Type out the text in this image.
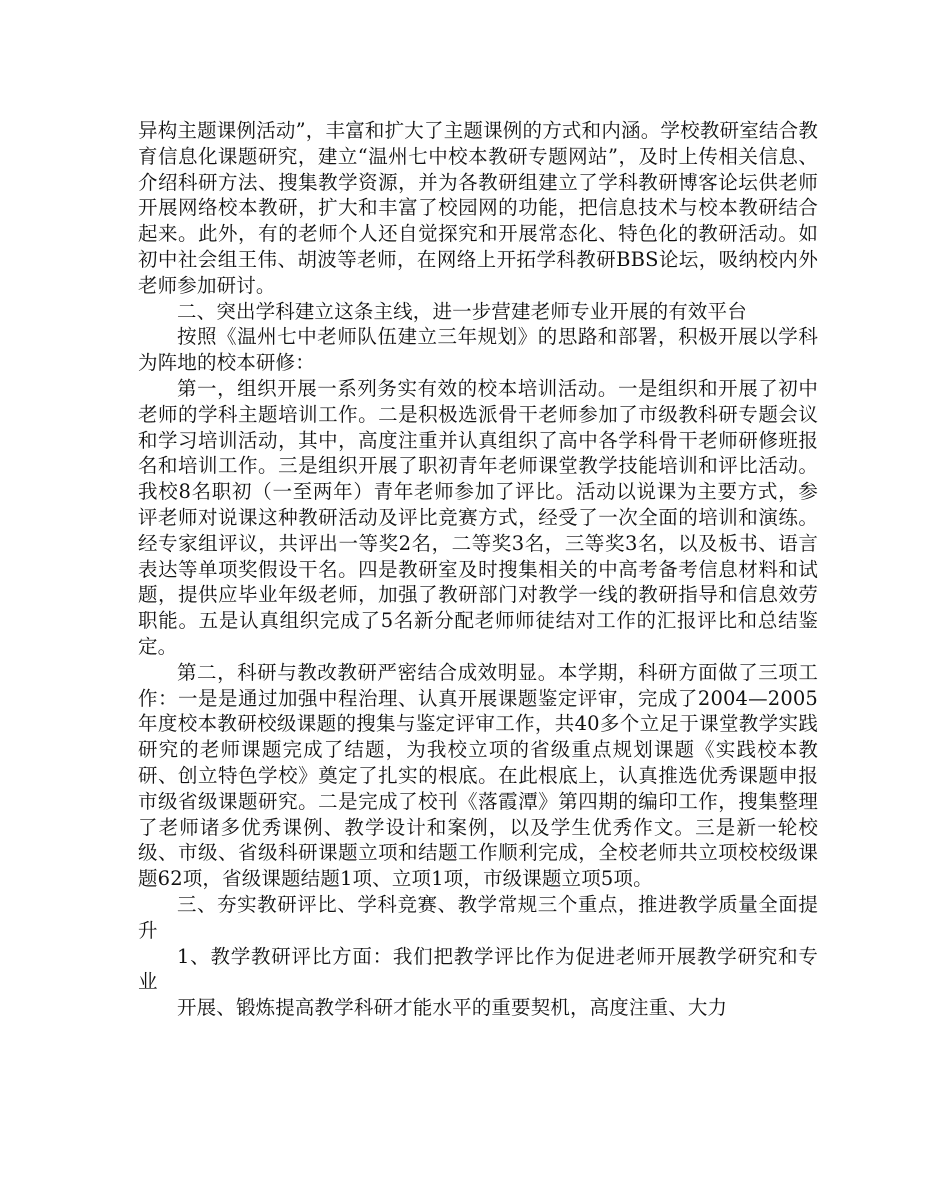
异构主题课例活动”，丰富和扩大了主题课例的方式和内涵。学校教研室结合教育信息化课题研究，建立“温州七中校本教研专题网站”，及时上传相关信息、介绍科研方法、搜集教学资源，并为各教研组建立了学科教研博客论坛供老师开展网络校本教研，扩大和丰富了校园网的功能，把信息技术与校本教研结合起来。此外，有的老师个人还自觉探究和开展常态化、特色化的教研活动。如初中社会组王伟、胡波等老师，在网络上开拓学科教研BBS论坛，吸纳校内外老师参加研讨。

二、突出学科建立这条主线，进一步营建老师专业开展的有效平台

按照《温州七中老师队伍建立三年规划》的思路和部署，积极开展以学科为阵地的校本研修：

第一，组织开展一系列务实有效的校本培训活动。一是组织和开展了初中老师的学科主题培训工作。二是积极选派骨干老师参加了市级教科研专题会议和学习培训活动，其中，高度注重并认真组织了高中各学科骨干老师研修班报名和培训工作。三是组织开展了职初青年老师课堂教学技能培训和评比活动。我校8名职初（一至两年）青年老师参加了评比。活动以说课为主要方式，参评老师对说课这种教研活动及评比竞赛方式，经受了一次全面的培训和演练。经专家组评议，共评出一等奖2名，二等奖3名，三等奖3名，以及板书、语言表达等单项奖假设干名。四是教研室及时搜集相关的中高考备考信息材料和试题，提供应毕业年级老师，加强了教研部门对教学一线的教研指导和信息效劳职能。五是认真组织完成了5名新分配老师师徒结对工作的汇报评比和总结鉴定。

第二，科研与教改教研严密结合成效明显。本学期，科研方面做了三项工作：一是是通过加强中程治理、认真开展课题鉴定评审，完成了2004—2005年度校本教研校级课题的搜集与鉴定评审工作，共40多个立足于课堂教学实践研究的老师课题完成了结题，为我校立项的省级重点规划课题《实践校本教研、创立特色学校》奠定了扎实的根底。在此根底上，认真推选优秀课题申报市级省级课题研究。二是完成了校刊《落霞潭》第四期的编印工作，搜集整理了老师诸多优秀课例、教学设计和案例，以及学生优秀作文。三是新一轮校级、市级、省级科研课题立项和结题工作顺利完成，全校老师共立项校校级课题62项，省级课题结题1项、立项1项，市级课题立项5项。

三、夯实教研评比、学科竞赛、教学常规三个重点，推进教学质量全面提升

1、教学教研评比方面：我们把教学评比作为促进老师开展教学研究和专业

开展、锻炼提高教学科研才能水平的重要契机，高度注重、大力
